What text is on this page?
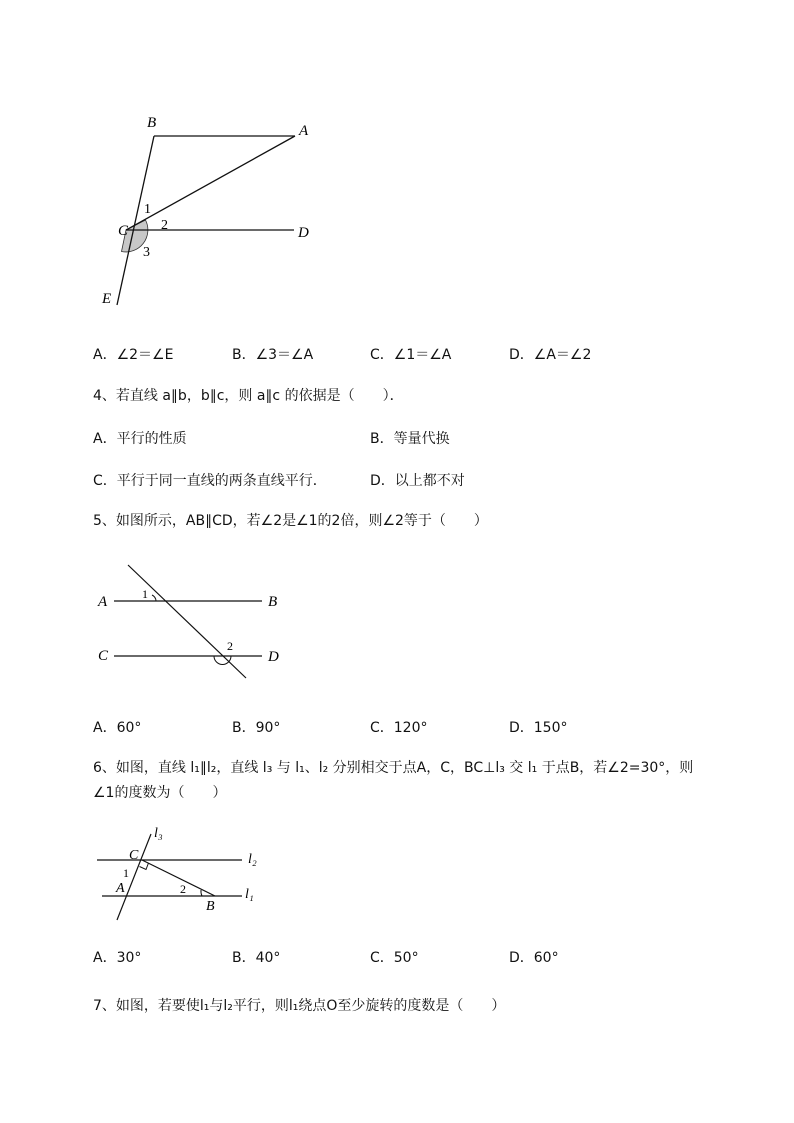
B	A
C	D
E
1
2
3
A．∠2＝∠E	B．∠3＝∠A	C．∠1＝∠A	D．∠A＝∠2
4、若直线 a∥b，b∥c，则 a∥c 的依据是（　　）．
A．平行的性质	B．等量代换
C．平行于同一直线的两条直线平行．	D．以上都不对
5、如图所示，AB∥CD，若∠2是∠1的2倍，则∠2等于（　　）
A	B
C	D
1
2
A．60°	B．90°	C．120°	D．150°
6、如图，直线 l₁∥l₂，直线 l₃ 与 l₁、l₂ 分别相交于点A，C，BC⊥l₃ 交 l₁ 于点B，若∠2=30°，则
∠1的度数为（　　）
l₃
l₂
l₁
C
A
B
1
2
A．30°	B．40°	C．50°	D．60°
7、如图，若要使l₁与l₂平行，则l₁绕点O至少旋转的度数是（　　）
